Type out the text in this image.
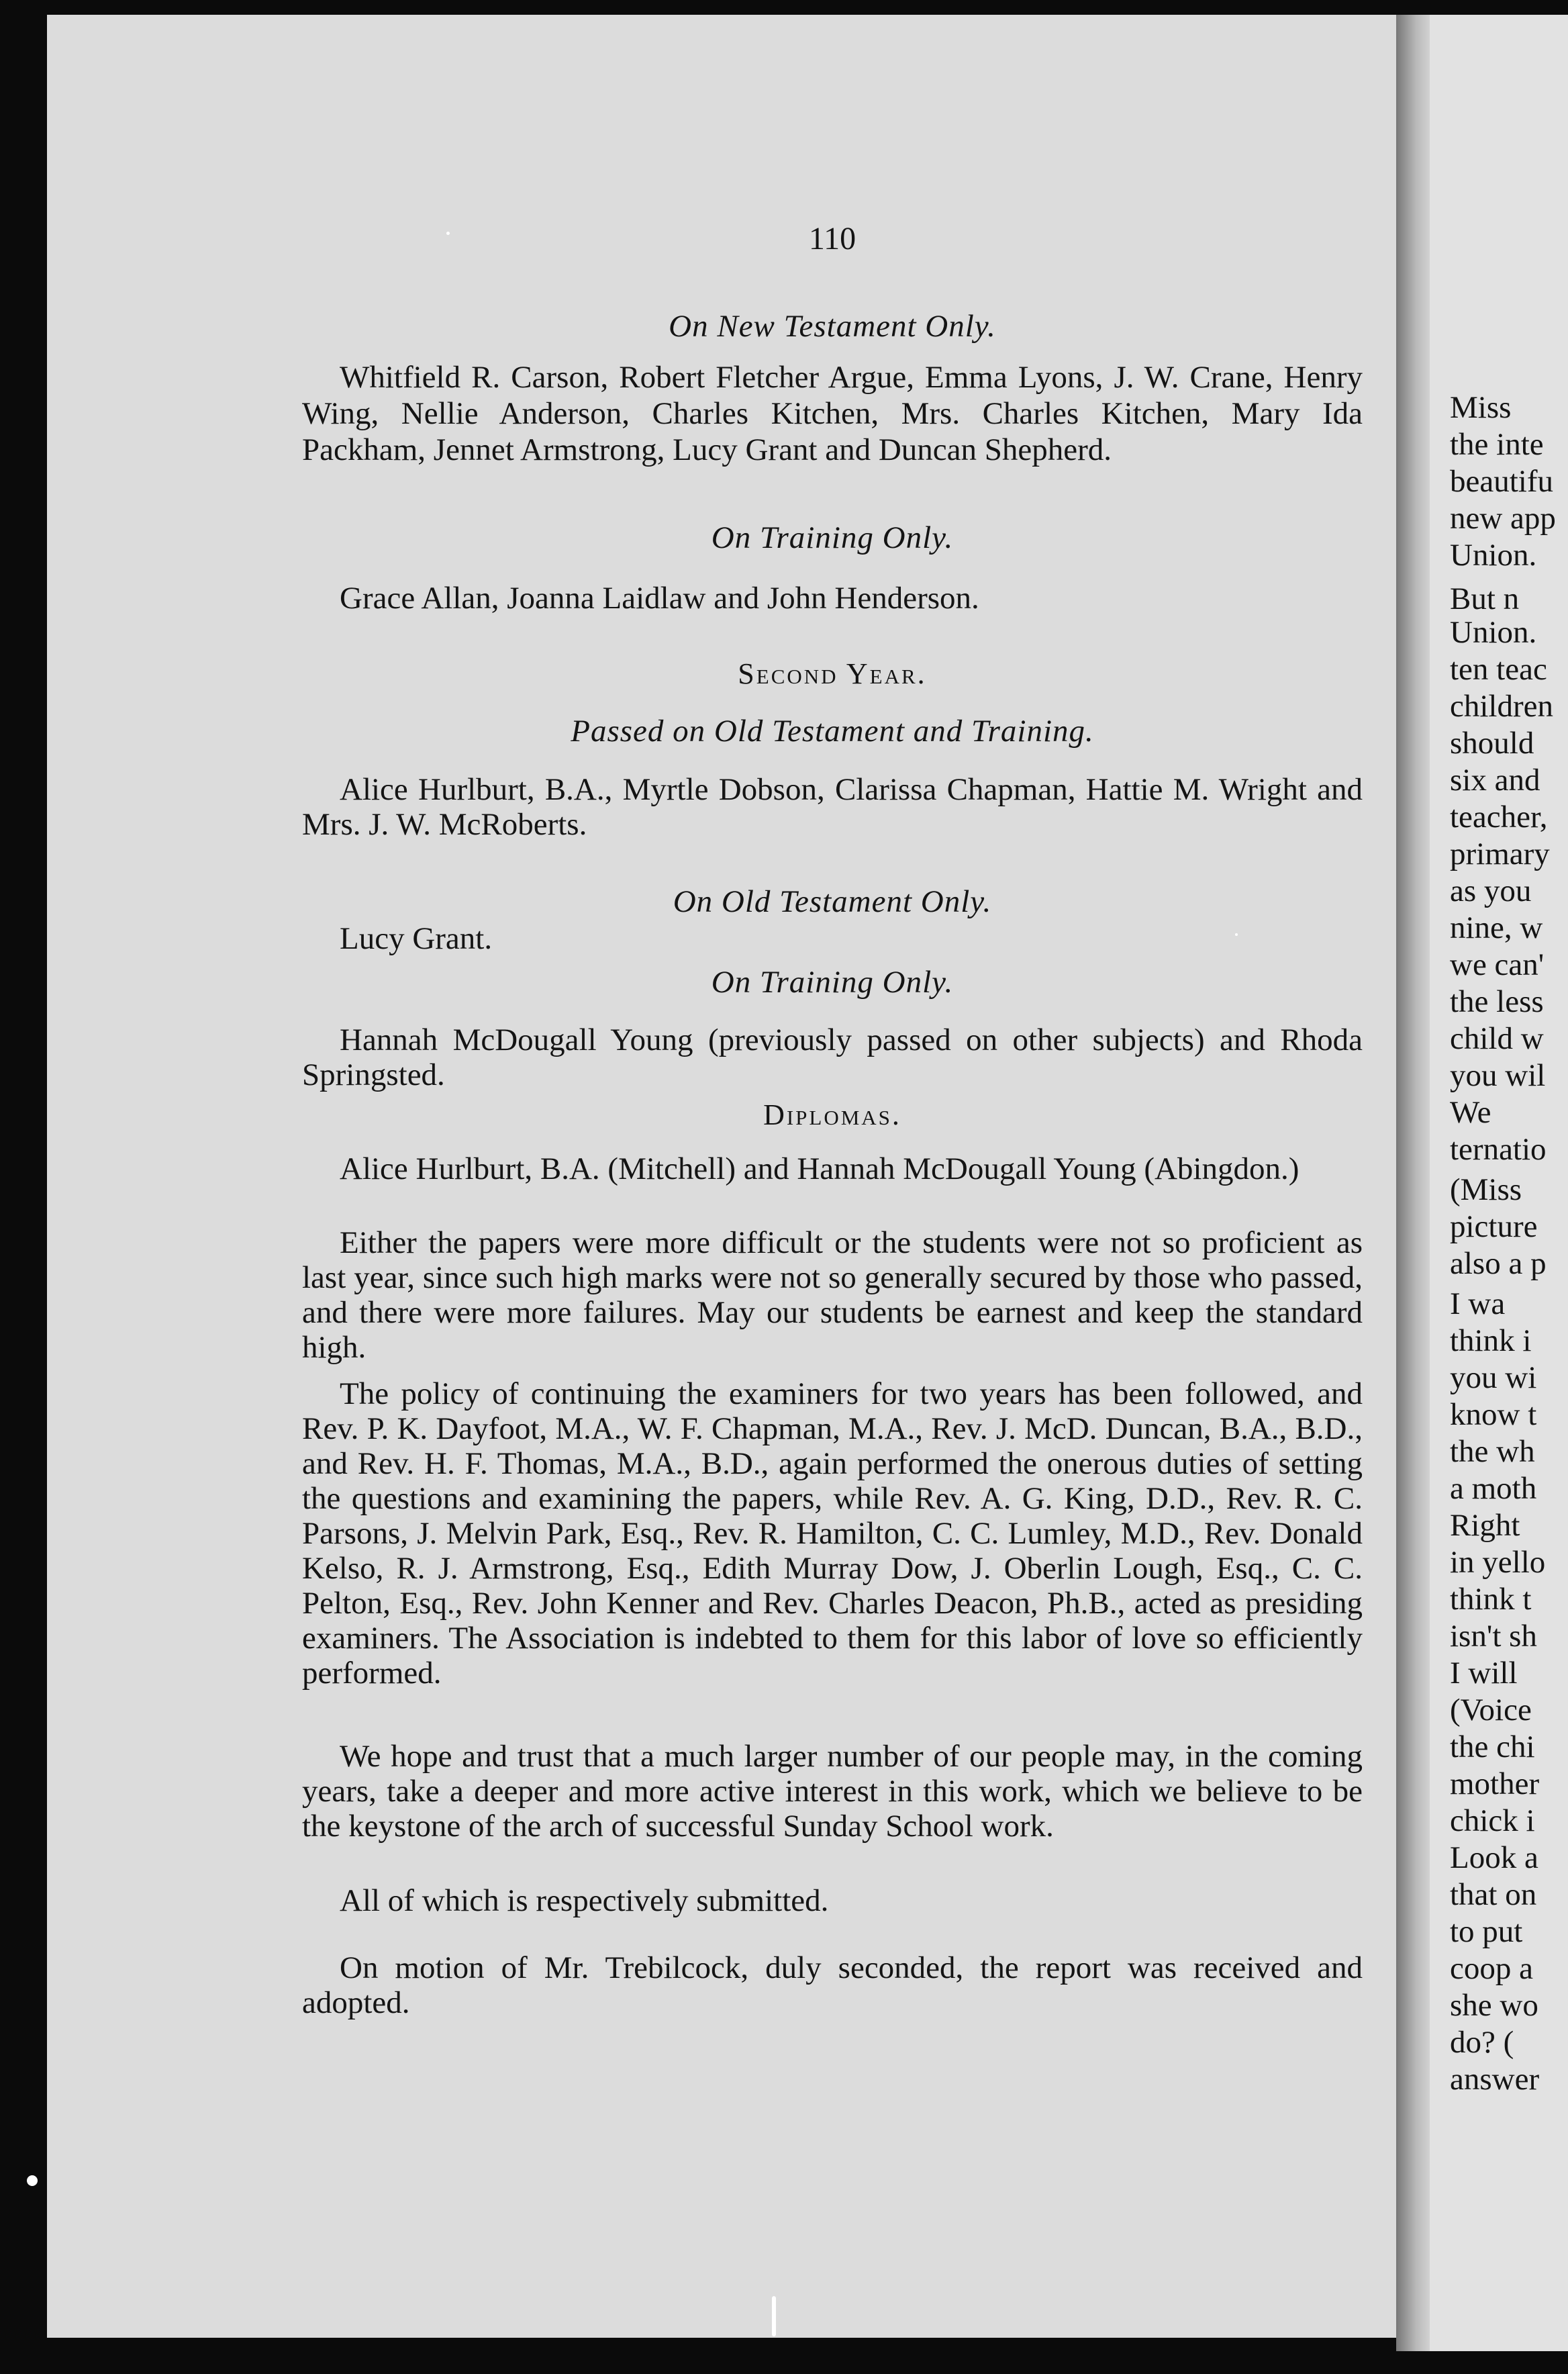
110
On New Testament Only.

Whitfield R. Carson, Robert Fletcher Argue, Emma Lyons, J. W. Crane, Henry Wing, Nellie Anderson, Charles Kitchen, Mrs. Charles Kitchen, Mary Ida Packham, Jennet Armstrong, Lucy Grant and Duncan Shepherd.

On Training Only.

Grace Allan, Joanna Laidlaw and John Henderson.

Second Year.
Passed on Old Testament and Training.

Alice Hurlburt, B.A., Myrtle Dobson, Clarissa Chapman, Hattie M. Wright and Mrs. J. W. McRoberts.

On Old Testament Only.

Lucy Grant.

On Training Only.

Hannah McDougall Young (previously passed on other subjects) and Rhoda Springsted.

Diplomas.

Alice Hurlburt, B.A. (Mitchell) and Hannah McDougall Young (Abingdon.)

Either the papers were more difficult or the students were not so proficient as last year, since such high marks were not so generally secured by those who passed, and there were more failures. May our students be earnest and keep the standard high.

The policy of continuing the examiners for two years has been followed, and Rev. P. K. Dayfoot, M.A., W. F. Chapman, M.A., Rev. J. McD. Duncan, B.A., B.D., and Rev. H. F. Thomas, M.A., B.D., again performed the onerous duties of setting the questions and examining the papers, while Rev. A. G. King, D.D., Rev. R. C. Parsons, J. Melvin Park, Esq., Rev. R. Hamilton, C. C. Lumley, M.D., Rev. Donald Kelso, R. J. Armstrong, Esq., Edith Murray Dow, J. Oberlin Lough, Esq., C. C. Pelton, Esq., Rev. John Kenner and Rev. Charles Deacon, Ph.B., acted as presiding examiners. The Association is indebted to them for this labor of love so efficiently performed.

We hope and trust that a much larger number of our people may, in the coming years, take a deeper and more active interest in this work, which we believe to be the keystone of the arch of successful Sunday School work.

All of which is respectively submitted.

On motion of Mr. Trebilcock, duly seconded, the report was received and adopted.

Miss
the inte
beautifu
new app
Union.
But n
Union.
ten teac
children
should
six and
teacher,
primary
as you
nine, w
we can'
the less
child w
you wil
We
ternatio
(Miss
picture
also a p
I wa
think i
you wi
know t
the wh
a moth
Right
in yello
think t
isn't sh
I will
(Voice
the chi
mother
chick i
Look a
that on
to put
coop a
she wo
do? (
answer
